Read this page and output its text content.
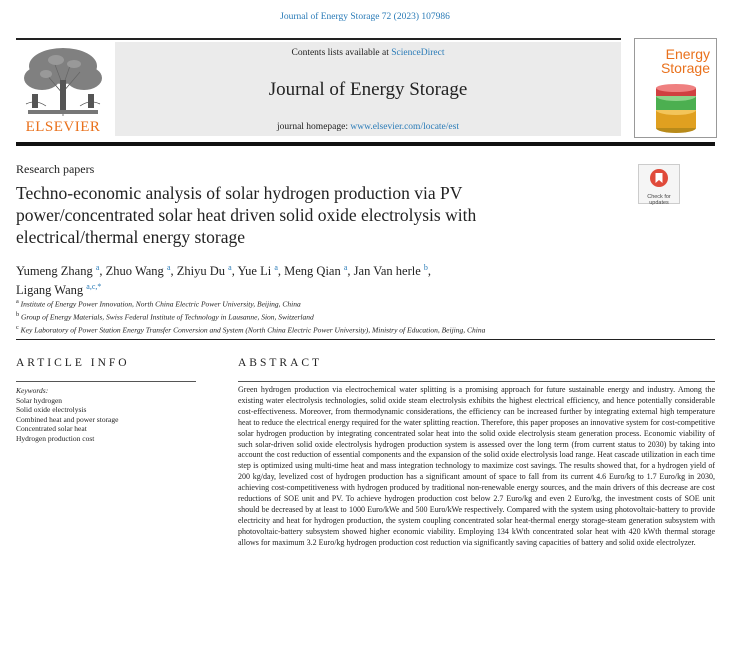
Journal of Energy Storage 72 (2023) 107986
ELSEVIER
Contents lists available at ScienceDirect
Journal of Energy Storage
journal homepage: www.elsevier.com/locate/est
Energy
Storage
Research papers
Check for
updates
Techno-economic analysis of solar hydrogen production via PV power/concentrated solar heat driven solid oxide electrolysis with electrical/thermal energy storage
Yumeng Zhang $^a$, Zhuo Wang $^a$, Zhiyu Du $^a$, Yue Li $^a$, Meng Qian $^a$, Jan Van herle $^b$,
Ligang Wang $^{a,c,*}$
$^a$ Institute of Energy Power Innovation, North China Electric Power University, Beijing, China
$^b$ Group of Energy Materials, Swiss Federal Institute of Technology in Lausanne, Sion, Switzerland
$^c$ Key Laboratory of Power Station Energy Transfer Conversion and System (North China Electric Power University), Ministry of Education, Beijing, China
ARTICLE INFO	ABSTRACT
Keywords:
Solar hydrogen
Solid oxide electrolysis
Combined heat and power storage
Concentrated solar heat
Hydrogen production cost

Green hydrogen production via electrochemical water splitting is a promising approach for future sustainable energy and industry. Among the existing water electrolysis technologies, solid oxide steam electrolysis exhibits the highest electrical efficiency, and hence potentially considerable cost-effectiveness. Moreover, from thermodynamic considerations, the efficiency can be increased further by integrating external high temperature heat to reduce the electrical energy required for the water splitting reaction. Therefore, this paper proposes an innovative system for cost-competitive solar hydrogen production by integrating concentrated solar heat into the solid oxide electrolysis steam generation process. Economic viability of such solar-driven solid oxide electrolysis hydrogen production system is assessed over the long term (from current status to 2030) by taking into account the cost reduction of essential components and the expansion of the solid oxide electrolysis load range. Heat cascade utilization in each time step is optimized using multi-time heat and mass integration technology to maximize cost savings. The results showed that, for a hydrogen yield of 200 kg/day, levelized cost of hydrogen production has a significant amount of space to fall from its current 4.6 Euro/kg to 1.7 Euro/kg in 2030, achieving cost-competitiveness with hydrogen produced by traditional non-renewable energy sources, and the main drivers of this decrease are cost reductions of SOE unit and PV. To achieve hydrogen production cost below 2.7 Euro/kg and even 2 Euro/kg, the investment costs of SOE unit should be decreased by at least to 1000 Euro/kWe and 500 Euro/kWe respectively. Compared with the system using photovoltaic-battery to provide electricity and heat for hydrogen production, the system coupling concentrated solar heat-thermal energy storage-steam generation subsystem with photovoltaic-battery subsystem showed higher economic viability. Employing 134 kWth concentrated solar heat with 420 kWth thermal storage allows for maximum 3.2 Euro/kg hydrogen production cost reduction via significantly saving capacities of battery and solid oxide electrolyzer.
